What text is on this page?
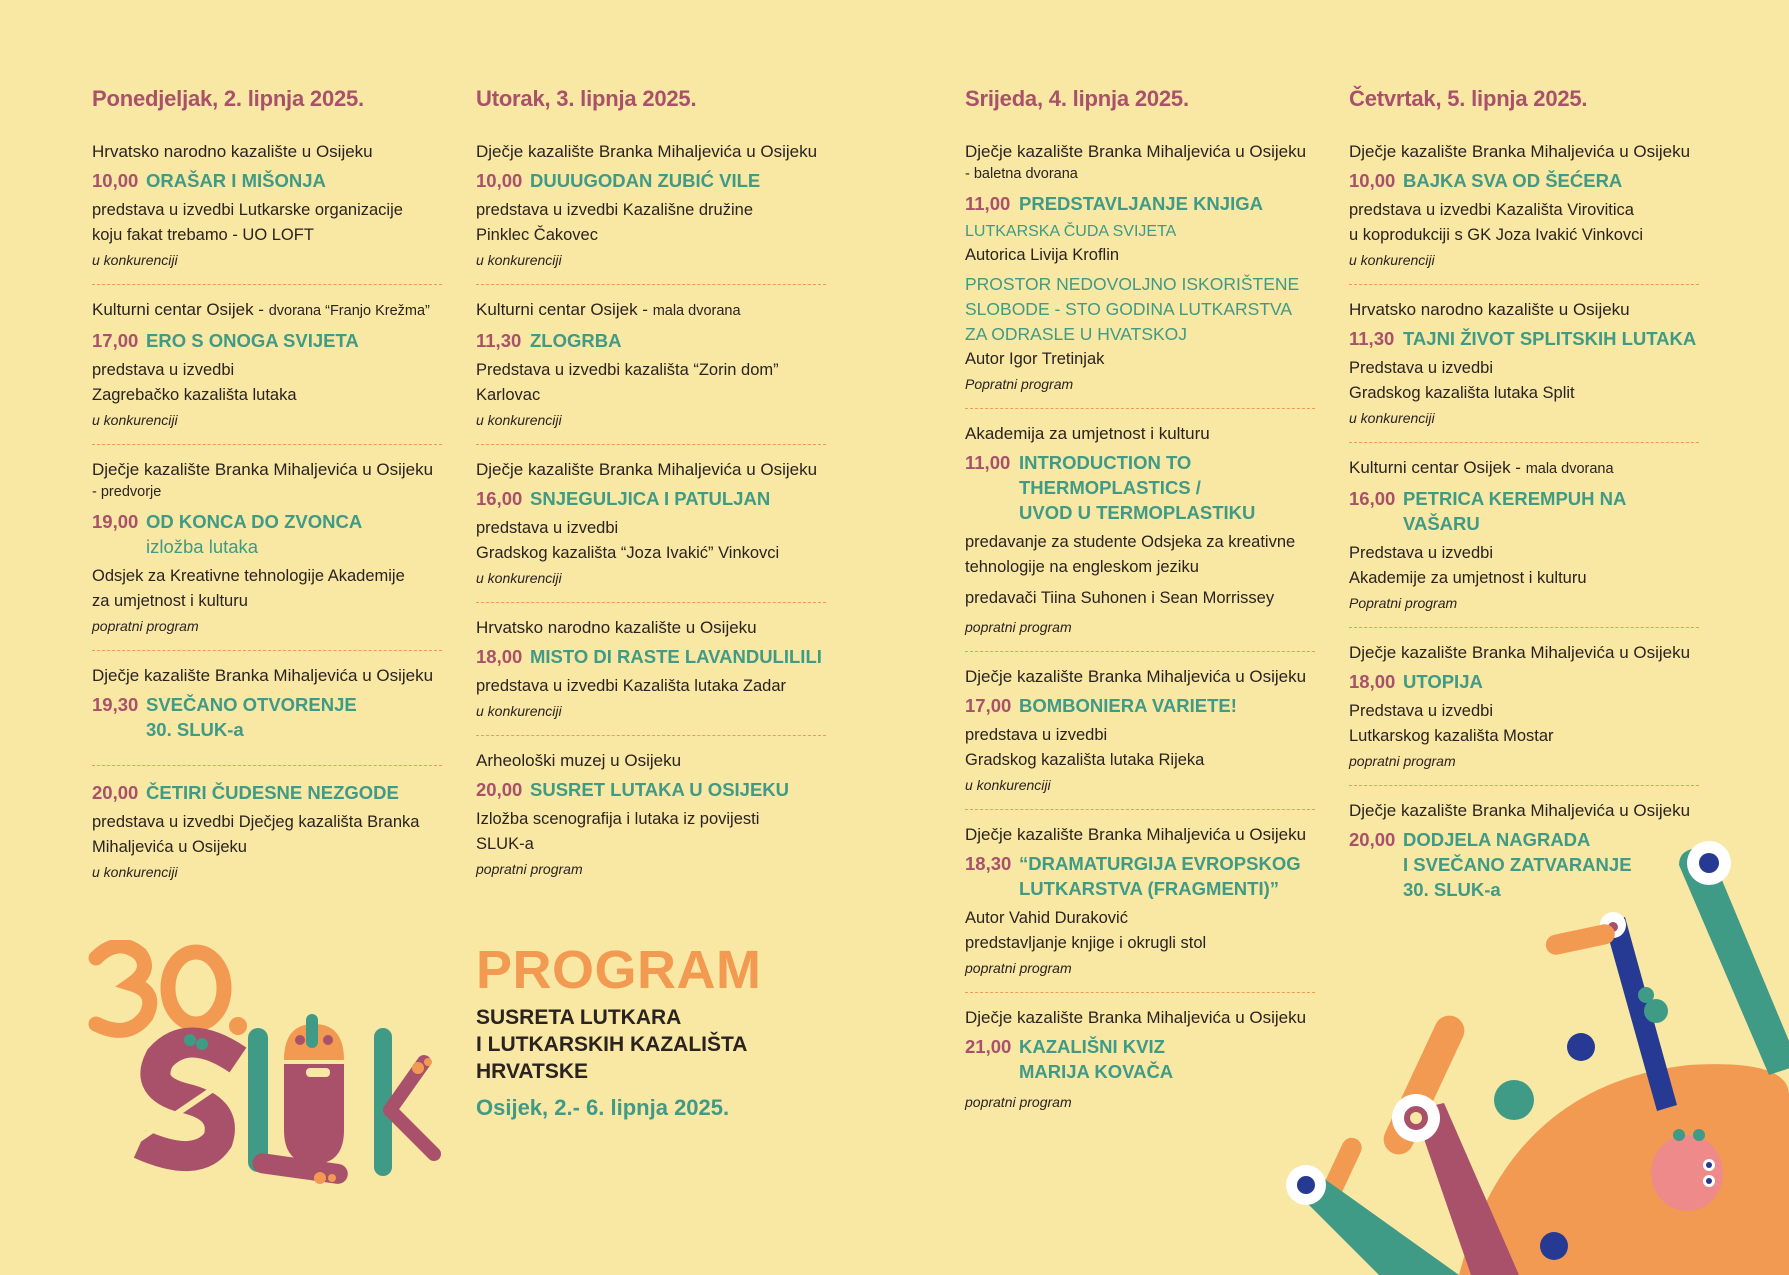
Ponedjeljak, 2. lipnja 2025.
Hrvatsko narodno kazalište u Osijeku
10,00 ORAŠAR I MIŠONJA
predstava u izvedbi Lutkarske organizacije
koju fakat trebamo - UO LOFT
u konkurenciji
Kulturni centar Osijek - dvorana “Franjo Krežma”
17,00 ERO S ONOGA SVIJETA
predstava u izvedbi
Zagrebačko kazališta lutaka
u konkurenciji
Dječje kazalište Branka Mihaljevića u Osijeku
- predvorje
19,00 OD KONCA DO ZVONCA
izložba lutaka
Odsjek za Kreativne tehnologije Akademije
za umjetnost i kulturu
popratni program
Dječje kazalište Branka Mihaljevića u Osijeku
19,30 SVEČANO OTVORENJE
30. SLUK-a
20,00 ČETIRI ČUDESNE NEZGODE
predstava u izvedbi Dječjeg kazališta Branka
Mihaljevića u Osijeku
u konkurenciji
Utorak, 3. lipnja 2025.
Dječje kazalište Branka Mihaljevića u Osijeku
10,00 DUUUGODAN ZUBIĆ VILE
predstava u izvedbi Kazališne družine
Pinklec Čakovec
u konkurenciji
Kulturni centar Osijek - mala dvorana
11,30 ZLOGRBA
Predstava u izvedbi kazališta “Zorin dom”
Karlovac
u konkurenciji
Dječje kazalište Branka Mihaljevića u Osijeku
16,00 SNJEGULJICA I PATULJAN
predstava u izvedbi
Gradskog kazališta “Joza Ivakić” Vinkovci
u konkurenciji
Hrvatsko narodno kazalište u Osijeku
18,00 MISTO DI RASTE LAVANDULILILI
predstava u izvedbi Kazališta lutaka Zadar
u konkurenciji
Arheološki muzej u Osijeku
20,00 SUSRET LUTAKA U OSIJEKU
Izložba scenografija i lutaka iz povijesti
SLUK-a
popratni program
Srijeda, 4. lipnja 2025.
Dječje kazalište Branka Mihaljevića u Osijeku
- baletna dvorana
11,00 PREDSTAVLJANJE KNJIGA
LUTKARSKA ČUDA SVIJETA
Autorica Livija Kroflin
PROSTOR NEDOVOLJNO ISKORIŠTENE
SLOBODE - STO GODINA LUTKARSTVA
ZA ODRASLE U HVATSKOJ
Autor Igor Tretinjak
Popratni program
Akademija za umjetnost i kulturu
11,00 INTRODUCTION TO
THERMOPLASTICS /
UVOD U TERMOPLASTIKU
predavanje za studente Odsjeka za kreativne
tehnologije na engleskom jeziku
predavači Tiina Suhonen i Sean Morrissey
popratni program
Dječje kazalište Branka Mihaljevića u Osijeku
17,00 BOMBONIERA VARIETE!
predstava u izvedbi
Gradskog kazališta lutaka Rijeka
u konkurenciji
Dječje kazalište Branka Mihaljevića u Osijeku
18,30 “DRAMATURGIJA EVROPSKOG
LUTKARSTVA (FRAGMENTI)”
Autor Vahid Duraković
predstavljanje knjige i okrugli stol
popratni program
Dječje kazalište Branka Mihaljevića u Osijeku
21,00 KAZALIŠNI KVIZ
MARIJA KOVAČA
popratni program
Četvrtak, 5. lipnja 2025.
Dječje kazalište Branka Mihaljevića u Osijeku
10,00 BAJKA SVA OD ŠEĆERA
predstava u izvedbi Kazališta Virovitica
u koprodukciji s GK Joza Ivakić Vinkovci
u konkurenciji
Hrvatsko narodno kazalište u Osijeku
11,30 TAJNI ŽIVOT SPLITSKIH LUTAKA
Predstava u izvedbi
Gradskog kazališta lutaka Split
u konkurenciji
Kulturni centar Osijek - mala dvorana
16,00 PETRICA KEREMPUH NA VAŠARU
Predstava u izvedbi
Akademije za umjetnost i kulturu
Popratni program
Dječje kazalište Branka Mihaljevića u Osijeku
18,00 UTOPIJA
Predstava u izvedbi
Lutkarskog kazališta Mostar
popratni program
Dječje kazalište Branka Mihaljevića u Osijeku
20,00 DODJELA NAGRADA
I SVEČANO ZATVARANJE
30. SLUK-a
PROGRAM
SUSRETA LUTKARA
I LUTKARSKIH KAZALIŠTA
HRVATSKE
Osijek, 2.- 6. lipnja 2025.
